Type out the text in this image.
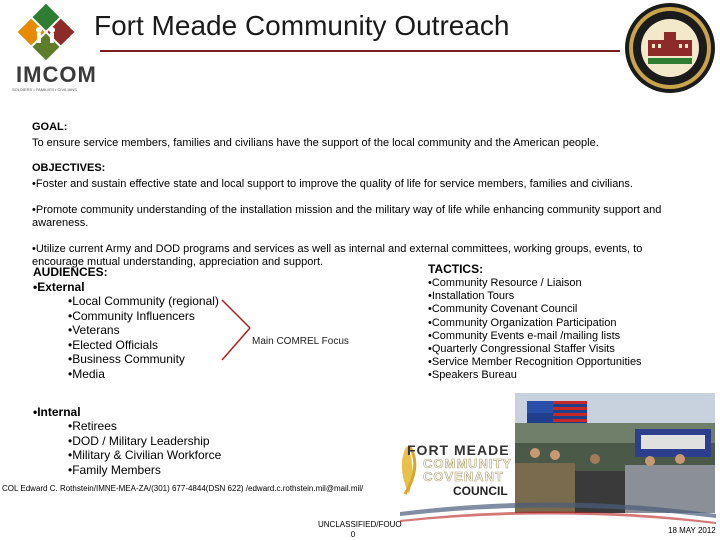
IMCOM
SOLDIERS • FAMILIES • CIVILIANS
Fort Meade Community Outreach
GOAL:
To ensure service members, families and civilians have the support of the local community and the American people.
OBJECTIVES:
•Foster and sustain effective state and local support to improve the quality of life for service members, families and civilians.
•Promote community understanding of the installation mission and the military way of life while enhancing community support and awareness.
•Utilize current Army and DOD programs and services as well as internal and external committees, working groups, events, to encourage mutual understanding, appreciation and support.
AUDIENCES:
•External
•Local Community (regional)
•Community Influencers
•Veterans
•Elected Officials
•Business Community
•Media
Main COMREL Focus
•Internal
•Retirees
•DOD / Military Leadership
•Military & Civilian Workforce
•Family Members
TACTICS:
•Community Resource / Liaison
•Installation Tours
•Community Covenant Council
•Community Organization Participation
•Community Events e-mail /mailing lists
•Quarterly Congressional Staffer Visits
•Service Member Recognition Opportunities
•Speakers Bureau
FORT MEADE
COMMUNITY
COVENANT
COUNCIL
COL Edward C. Rothstein/IMNE-MEA-ZA/(301) 677-4844(DSN 622) /edward.c.rothstein.mil@mail.mil/
UNCLASSIFIED/FOUO
0	18 MAY 2012
